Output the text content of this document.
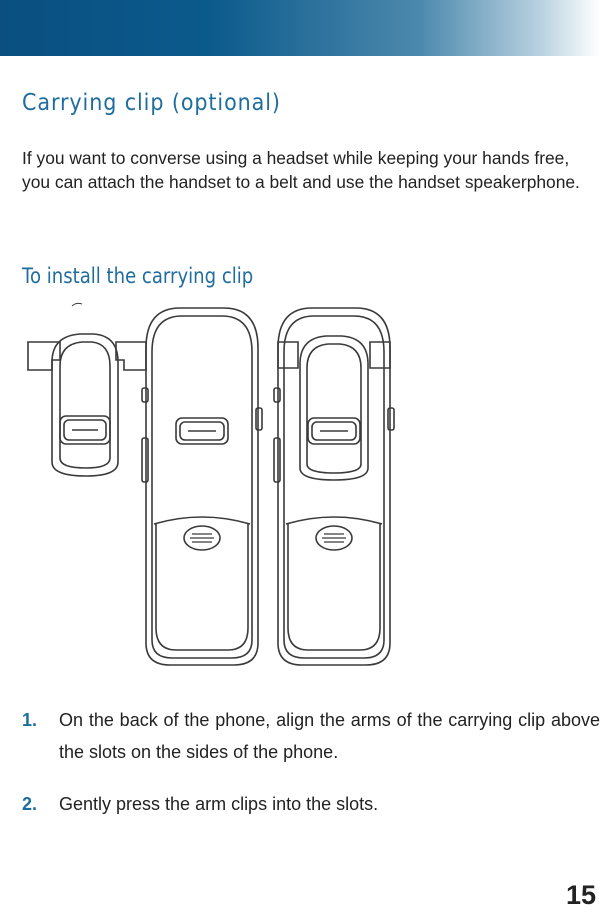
Carrying clip (optional)

If you want to converse using a headset while keeping your hands free, you can attach the handset to a belt and use the handset speakerphone.

To install the carrying clip
1. On the back of the phone, align the arms of the carrying clip above the slots on the sides of the phone.
2. Gently press the arm clips into the slots.
15
